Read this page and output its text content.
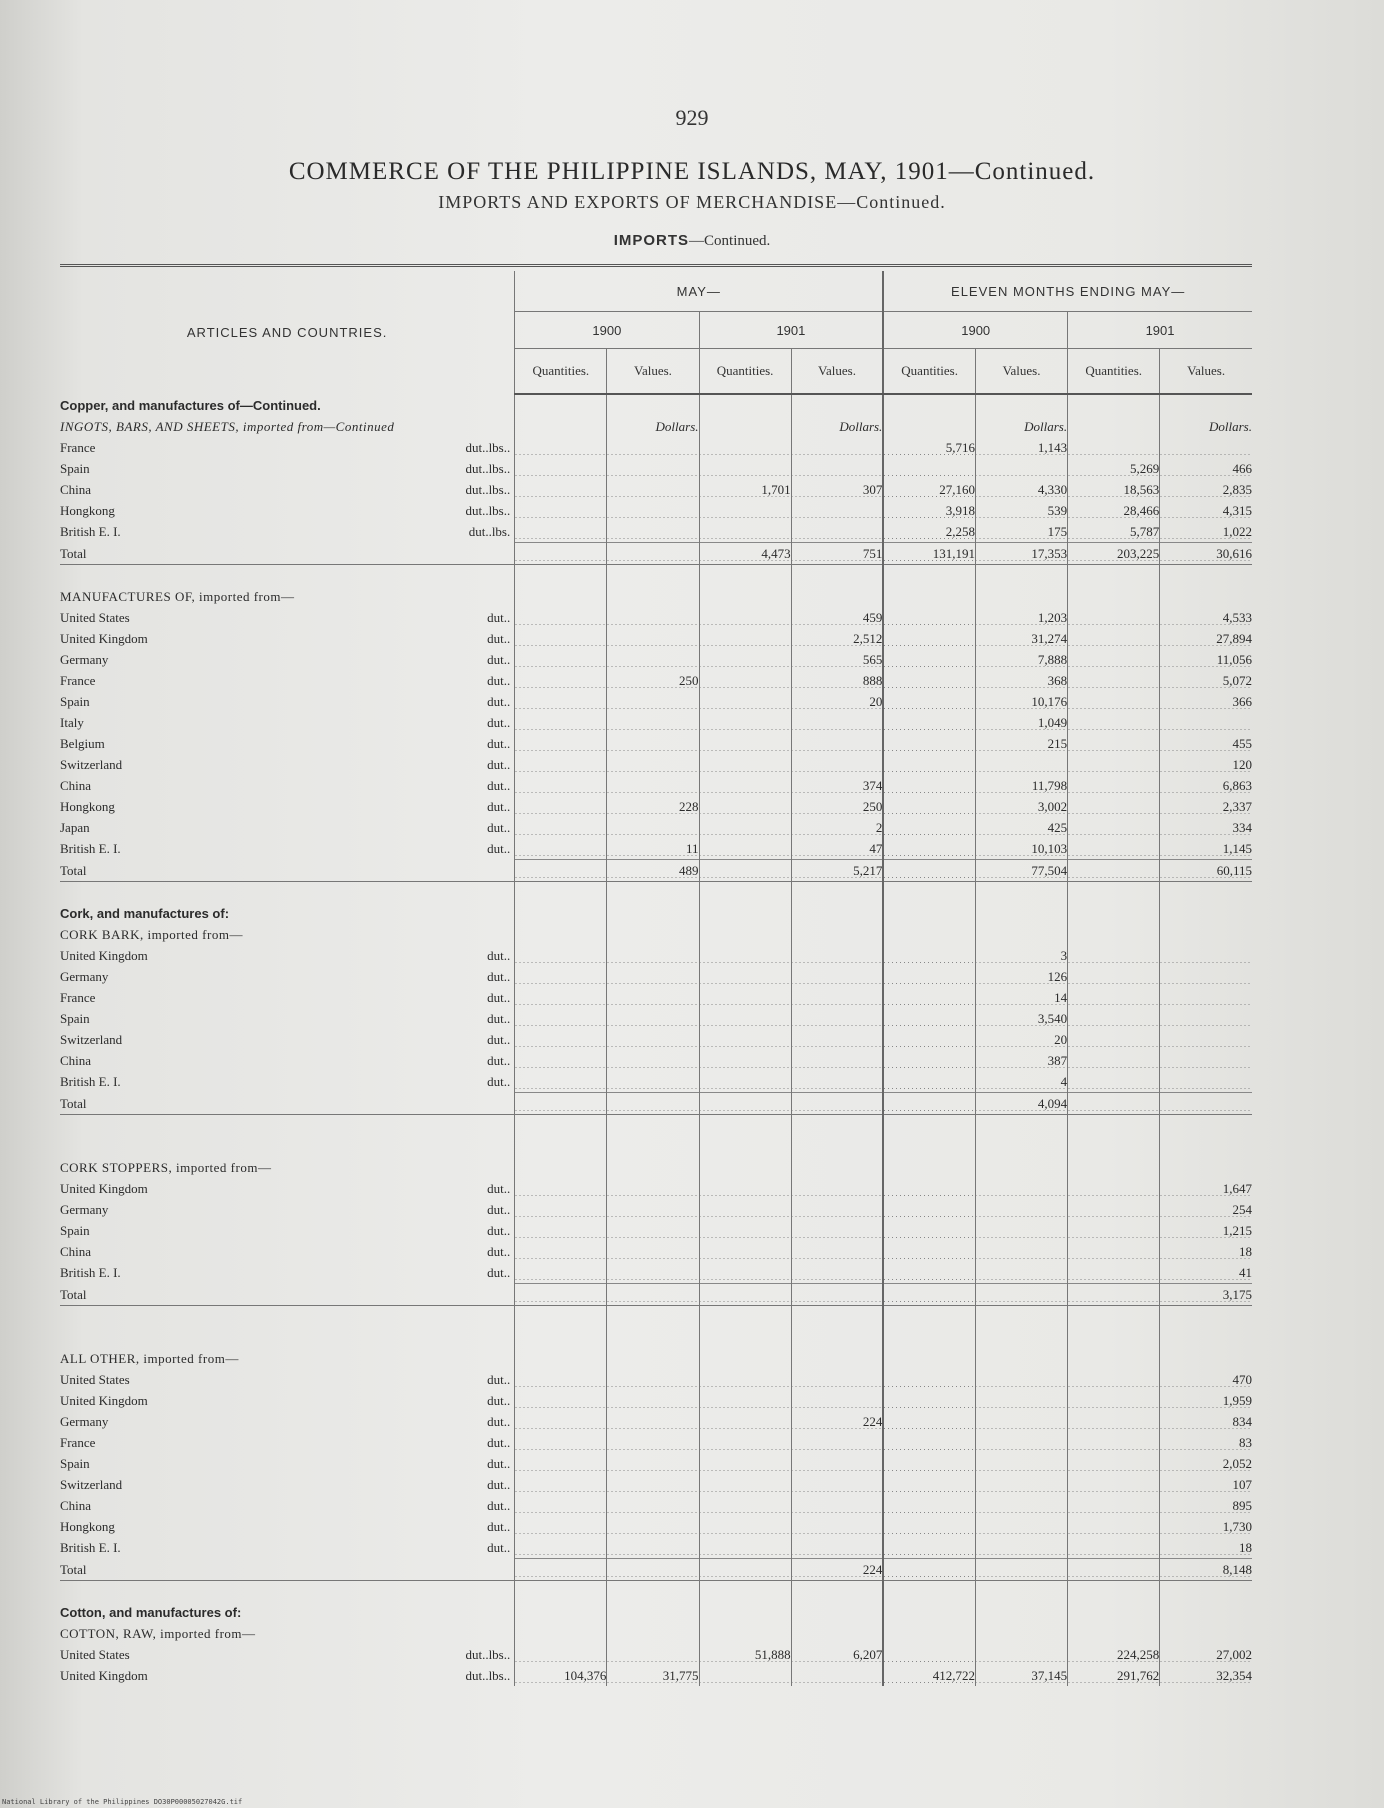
929
COMMERCE OF THE PHILIPPINE ISLANDS, MAY, 1901—Continued.
IMPORTS AND EXPORTS OF MERCHANDISE—Continued.
IMPORTS—Continued.

ARTICLES AND COUNTRIES.	MAY—				ELEVEN MONTHS ENDING MAY—			
	1900		1901		1900		1901	
	Quantities.	Values.	Quantities.	Values.	Quantities.	Values.	Quantities.	Values.
Copper, and manufactures of—Continued.								
INGOTS, BARS, AND SHEETS, imported from—Continued		Dollars.		Dollars.		Dollars.		Dollars.
France dut..lbs..					5,716	1,143		
Spain dut..lbs..							5,269	466
China dut..lbs..			1,701	307	27,160	4,330	18,563	2,835
Hongkong dut..lbs..					3,918	539	28,466	4,315
British E. I. dut..lbs.					2,258	175	5,787	1,022
Total			4,473	751	131,191	17,353	203,225	30,616

MANUFACTURES OF, imported from—								
United States dut..				459		1,203		4,533
United Kingdom dut..				2,512		31,274		27,894
Germany dut..				565		7,888		11,056
France dut..		250		888		368		5,072
Spain dut..				20		10,176		366
Italy dut..						1,049		
Belgium dut..						215		455
Switzerland dut..								120
China dut..				374		11,798		6,863
Hongkong dut..		228		250		3,002		2,337
Japan dut..				2		425		334
British E. I. dut..		11		47		10,103		1,145
Total		489		5,217		77,504		60,115

Cork, and manufactures of:								
CORK BARK, imported from—								
United Kingdom dut..						3		
Germany dut..						126		
France dut..						14		
Spain dut..						3,540		
Switzerland dut..						20		
China dut..						387		
British E. I. dut..						4		
Total						4,094		

CORK STOPPERS, imported from—								
United Kingdom dut..								1,647
Germany dut..								254
Spain dut..								1,215
China dut..								18
British E. I. dut..								41
Total								3,175

ALL OTHER, imported from—								
United States dut..								470
United Kingdom dut..								1,959
Germany dut..				224				834
France dut..								83
Spain dut..								2,052
Switzerland dut..								107
China dut..								895
Hongkong dut..								1,730
British E. I. dut..								18
Total				224				8,148

Cotton, and manufactures of:								
COTTON, RAW, imported from—								
United States dut..lbs..			51,888	6,207			224,258	27,002
United Kingdom dut..lbs..	104,376	31,775			412,722	37,145	291,762	32,354
National Library of the Philippines DO30P00005027042G.tif
